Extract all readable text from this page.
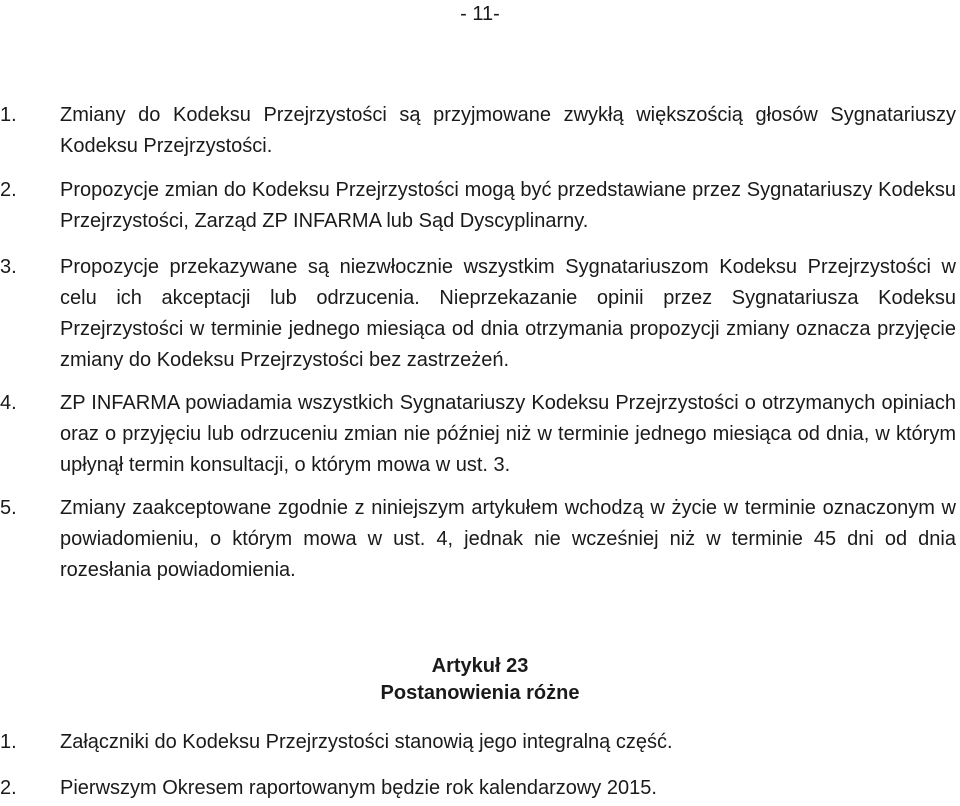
- 11-
1.	Zmiany do Kodeksu Przejrzystości są przyjmowane zwykłą większością głosów Sygnatariuszy Kodeksu Przejrzystości.
2.	Propozycje zmian do Kodeksu Przejrzystości mogą być przedstawiane przez Sygnatariuszy Kodeksu Przejrzystości, Zarząd ZP INFARMA lub Sąd Dyscyplinarny.
3.	Propozycje przekazywane są niezwłocznie wszystkim Sygnatariuszom Kodeksu Przejrzystości w celu ich akceptacji lub odrzucenia. Nieprzekazanie opinii przez Sygnatariusza Kodeksu Przejrzystości w terminie jednego miesiąca od dnia otrzymania propozycji zmiany oznacza przyjęcie zmiany do Kodeksu Przejrzystości bez zastrzeżeń.
4.	ZP INFARMA powiadamia wszystkich Sygnatariuszy Kodeksu Przejrzystości o otrzymanych opiniach oraz o przyjęciu lub odrzuceniu zmian nie później niż w terminie jednego miesiąca od dnia, w którym upłynął termin konsultacji, o którym mowa w ust. 3.
5.	Zmiany zaakceptowane zgodnie z niniejszym artykułem wchodzą w życie w terminie oznaczonym w powiadomieniu, o którym mowa w ust. 4, jednak nie wcześniej niż w terminie 45 dni od dnia rozesłania powiadomienia.
Artykuł 23
Postanowienia różne
1.	Załączniki do Kodeksu Przejrzystości stanowią jego integralną część.
2.	Pierwszym Okresem raportowanym będzie rok kalendarzowy 2015.
